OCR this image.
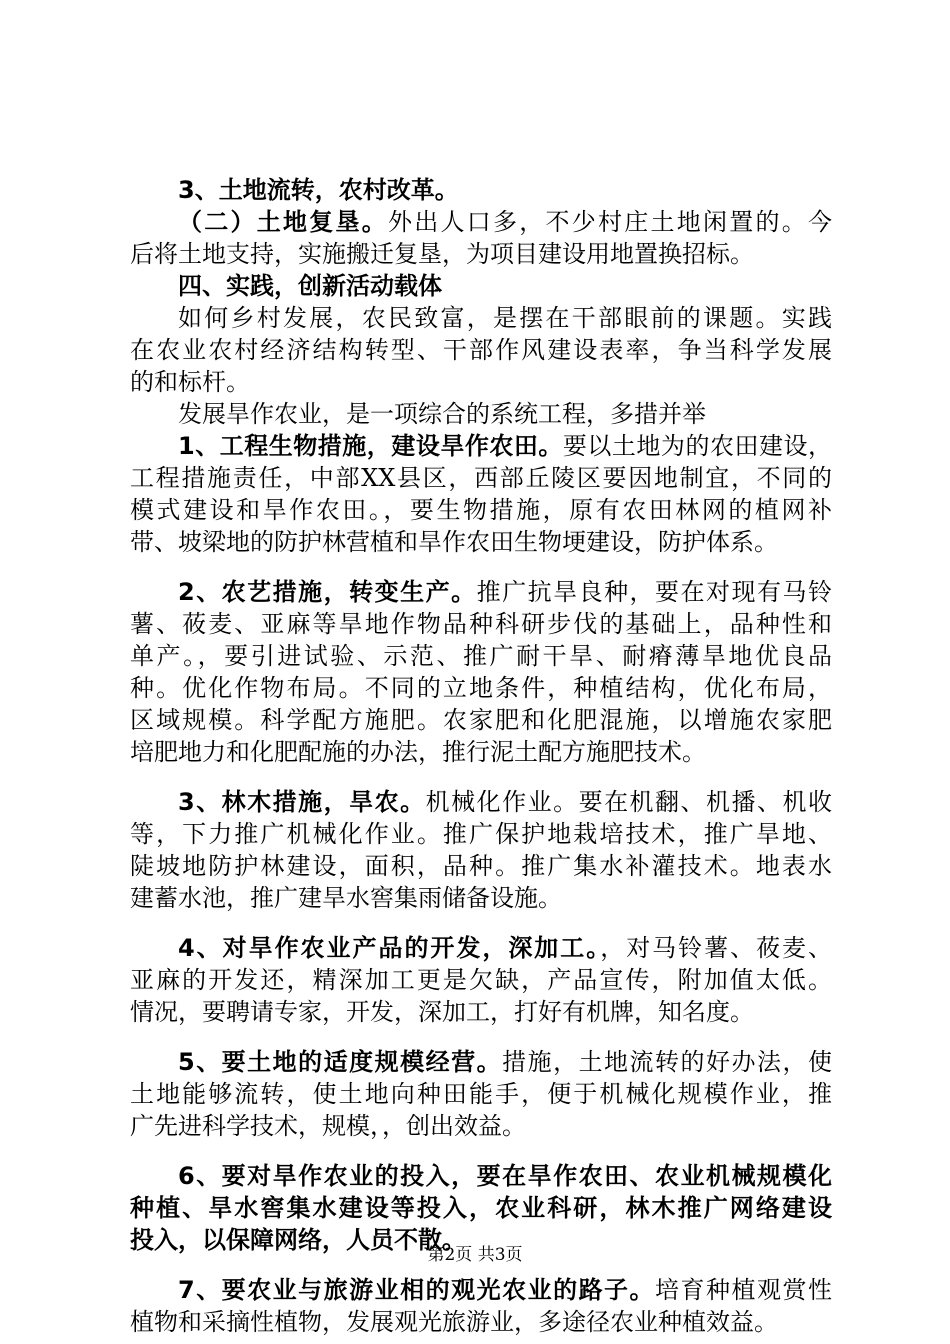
3、土地流转，农村改革。
（二）土地复垦。外出人口多，不少村庄土地闲置的。今
后将土地支持，实施搬迁复垦，为项目建设用地置换招标。
四、实践，创新活动载体
如何乡村发展，农民致富，是摆在干部眼前的课题。实践
在农业农村经济结构转型、干部作风建设表率，争当科学发展
的和标杆。
发展旱作农业，是一项综合的系统工程，多措并举
1、工程生物措施，建设旱作农田。要以土地为的农田建设，
工程措施责任，中部XX县区，西部丘陵区要因地制宜，不同的
模式建设和旱作农田。，要生物措施，原有农田林网的植网补
带、坡梁地的防护林营植和旱作农田生物埂建设，防护体系。
2、农艺措施，转变生产。推广抗旱良种，要在对现有马铃
薯、莜麦、亚麻等旱地作物品种科研步伐的基础上，品种性和
单产。，要引进试验、示范、推广耐干旱、耐瘠薄旱地优良品
种。优化作物布局。不同的立地条件，种植结构，优化布局，
区域规模。科学配方施肥。农家肥和化肥混施，以增施农家肥
培肥地力和化肥配施的办法，推行泥土配方施肥技术。
3、林木措施，旱农。机械化作业。要在机翻、机播、机收
等，下力推广机械化作业。推广保护地栽培技术，推广旱地、
陡坡地防护林建设，面积，品种。推广集水补灌技术。地表水
建蓄水池，推广建旱水窖集雨储备设施。
4、对旱作农业产品的开发，深加工。，对马铃薯、莜麦、
亚麻的开发还，精深加工更是欠缺，产品宣传，附加值太低。
情况，要聘请专家，开发，深加工，打好有机牌，知名度。
5、要土地的适度规模经营。措施，土地流转的好办法，使
土地能够流转，使土地向种田能手，便于机械化规模作业，推
广先进科学技术，规模，，创出效益。
6、要对旱作农业的投入，要在旱作农田、农业机械规模化
种植、旱水窖集水建设等投入，农业科研，林木推广网络建设
投入，以保障网络，人员不散。
7、要农业与旅游业相的观光农业的路子。培育种植观赏性
植物和采摘性植物，发展观光旅游业，多途径农业种植效益。
第2页 共3页
